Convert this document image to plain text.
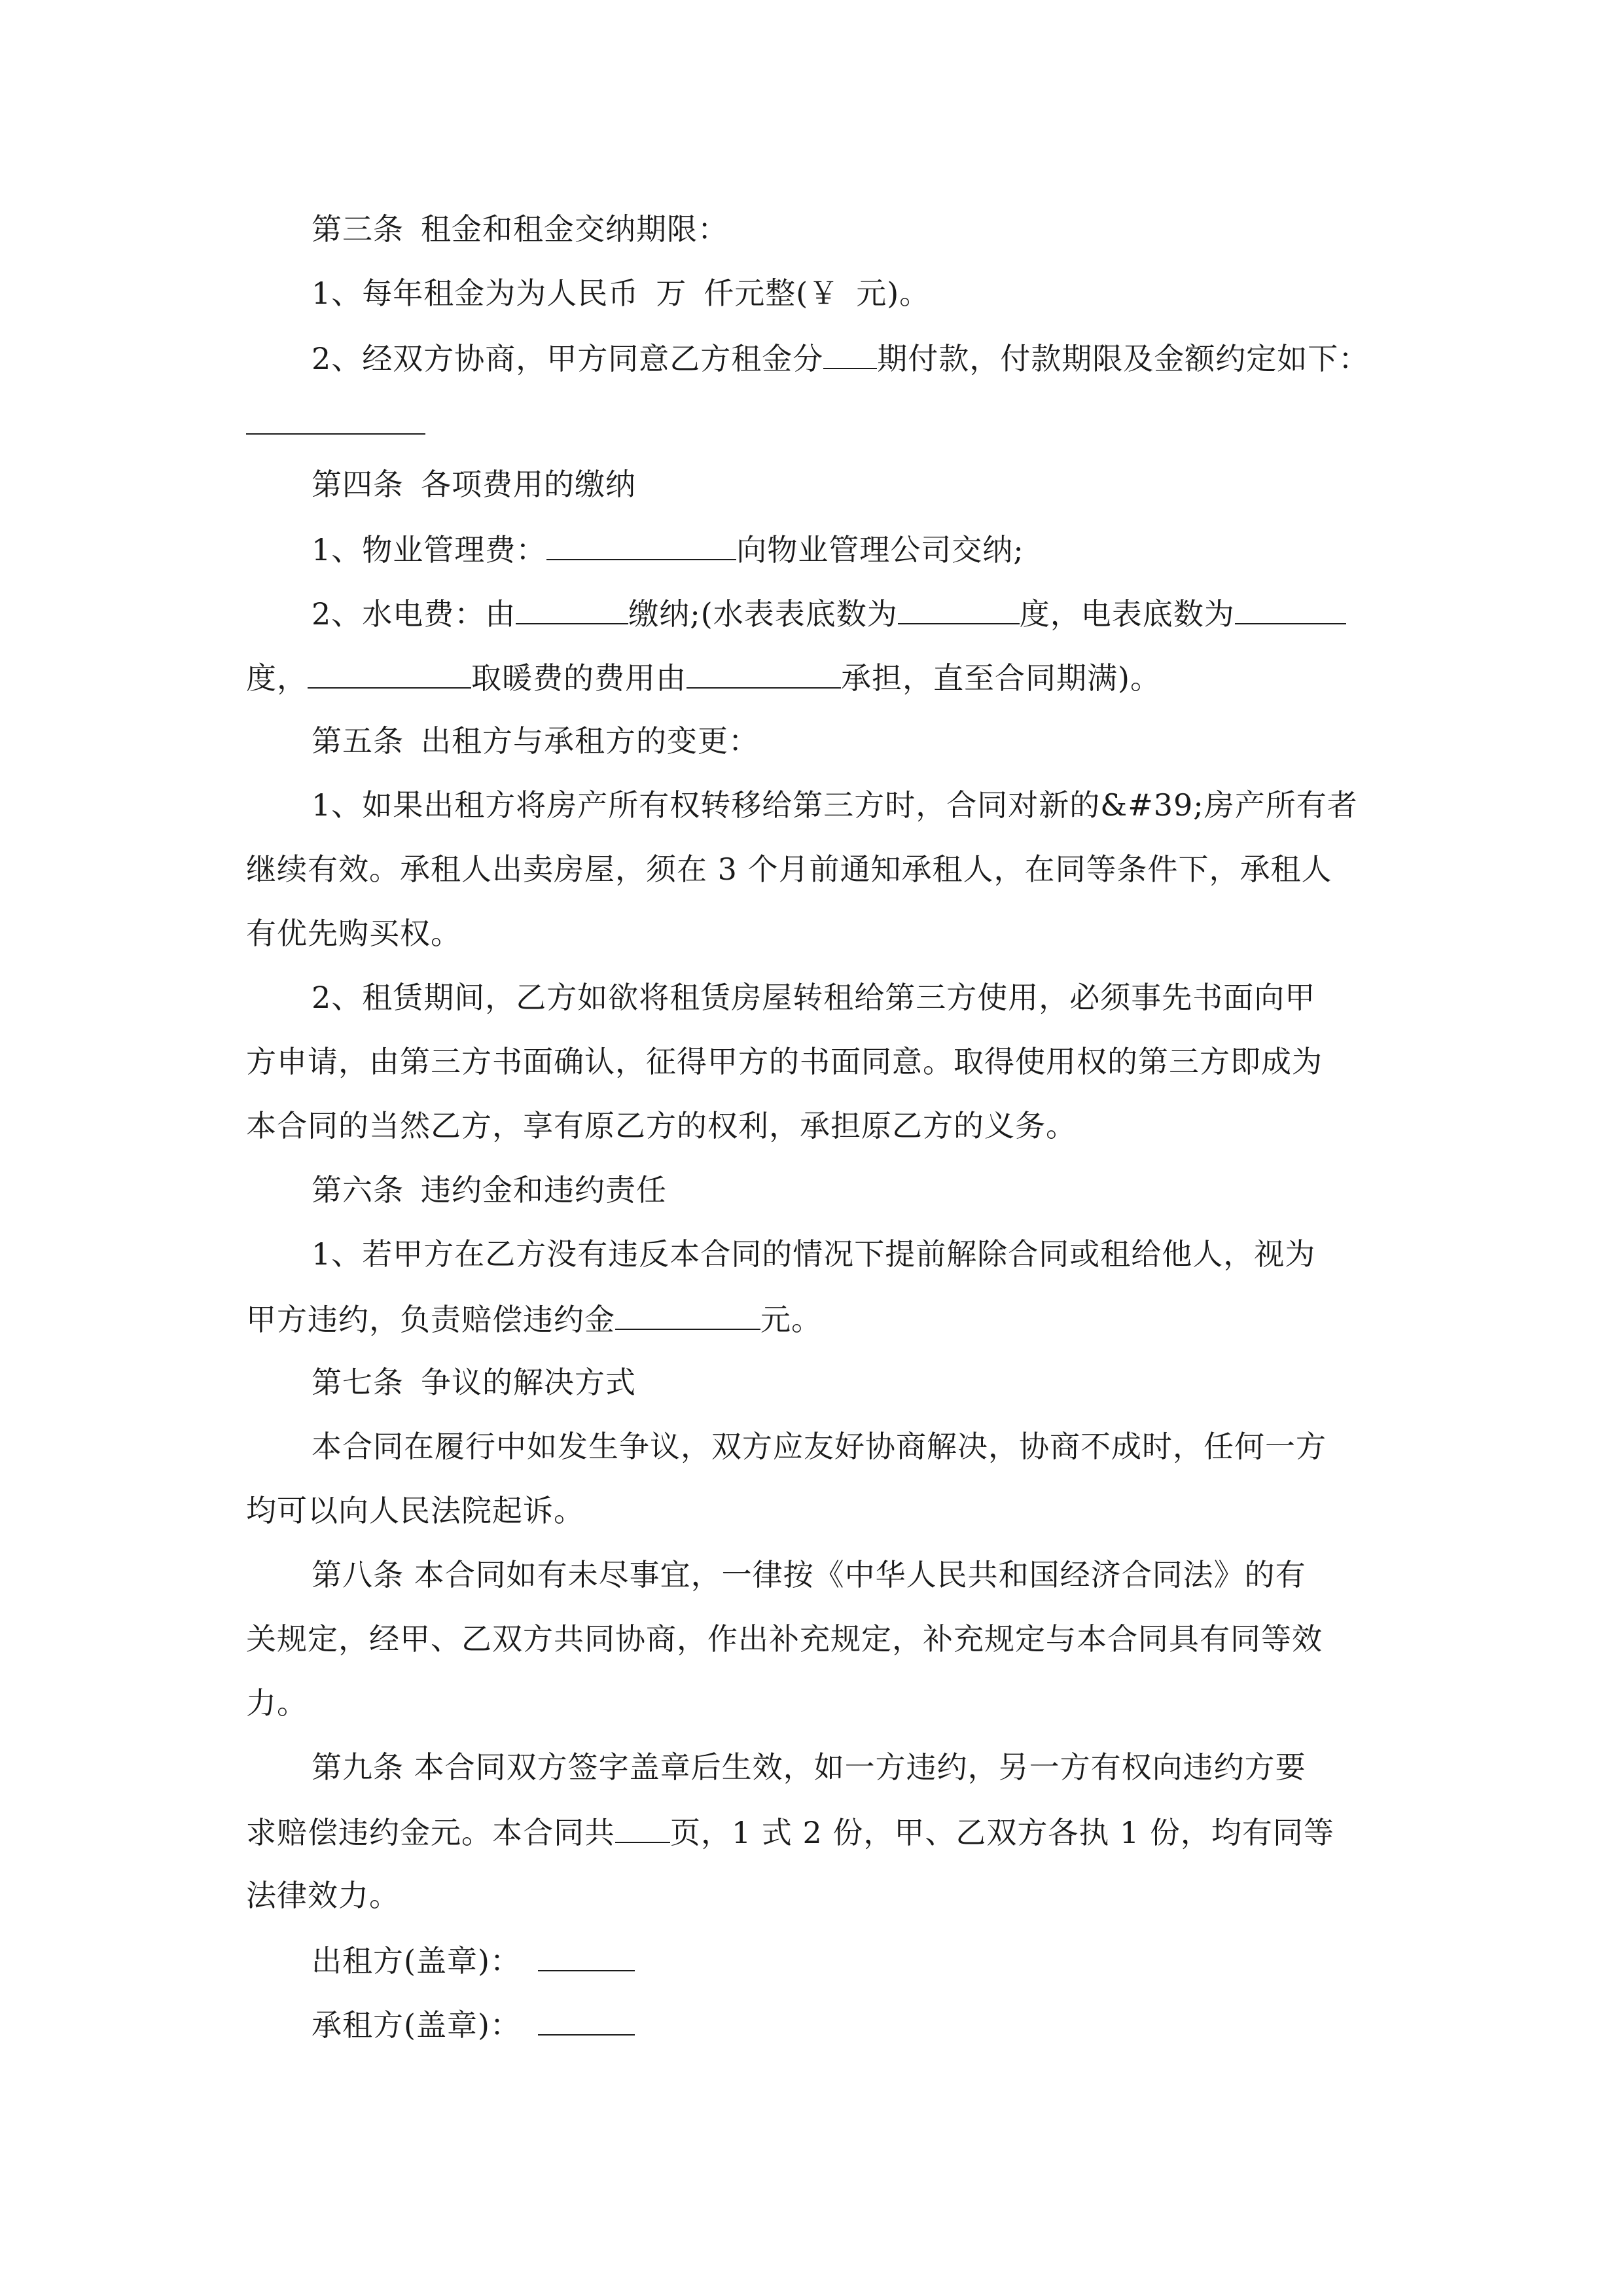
第三条 租金和租金交纳期限：
1、每年租金为为人民币 万 仟元整(￥ 元)。
2、经双方协商，甲方同意乙方租金分 期付款，付款期限及金额约定如下：
第四条 各项费用的缴纳
1、物业管理费：	向物业管理公司交纳;
2、水电费：由	缴纳;(水表表底数为	度，电表底数为
度，	取暖费的费用由	承担，直至合同期满)。
第五条 出租方与承租方的变更：
1、如果出租方将房产所有权转移给第三方时，合同对新的&#39;房产所有者
继续有效。承租人出卖房屋，须在 3 个月前通知承租人，在同等条件下，承租人
有优先购买权。
2、租赁期间，乙方如欲将租赁房屋转租给第三方使用，必须事先书面向甲
方申请，由第三方书面确认，征得甲方的书面同意。取得使用权的第三方即成为
本合同的当然乙方，享有原乙方的权利，承担原乙方的义务。
第六条 违约金和违约责任
1、若甲方在乙方没有违反本合同的情况下提前解除合同或租给他人，视为
甲方违约，负责赔偿违约金	元。
第七条 争议的解决方式
本合同在履行中如发生争议，双方应友好协商解决，协商不成时，任何一方
均可以向人民法院起诉。
第八条 本合同如有未尽事宜，一律按《中华人民共和国经济合同法》的有
关规定，经甲、乙双方共同协商，作出补充规定，补充规定与本合同具有同等效
力。
第九条 本合同双方签字盖章后生效，如一方违约，另一方有权向违约方要
求赔偿违约金元。本合同共 页，1 式 2 份，甲、乙双方各执 1 份，均有同等
法律效力。
出租方(盖章)：
承租方(盖章)：
